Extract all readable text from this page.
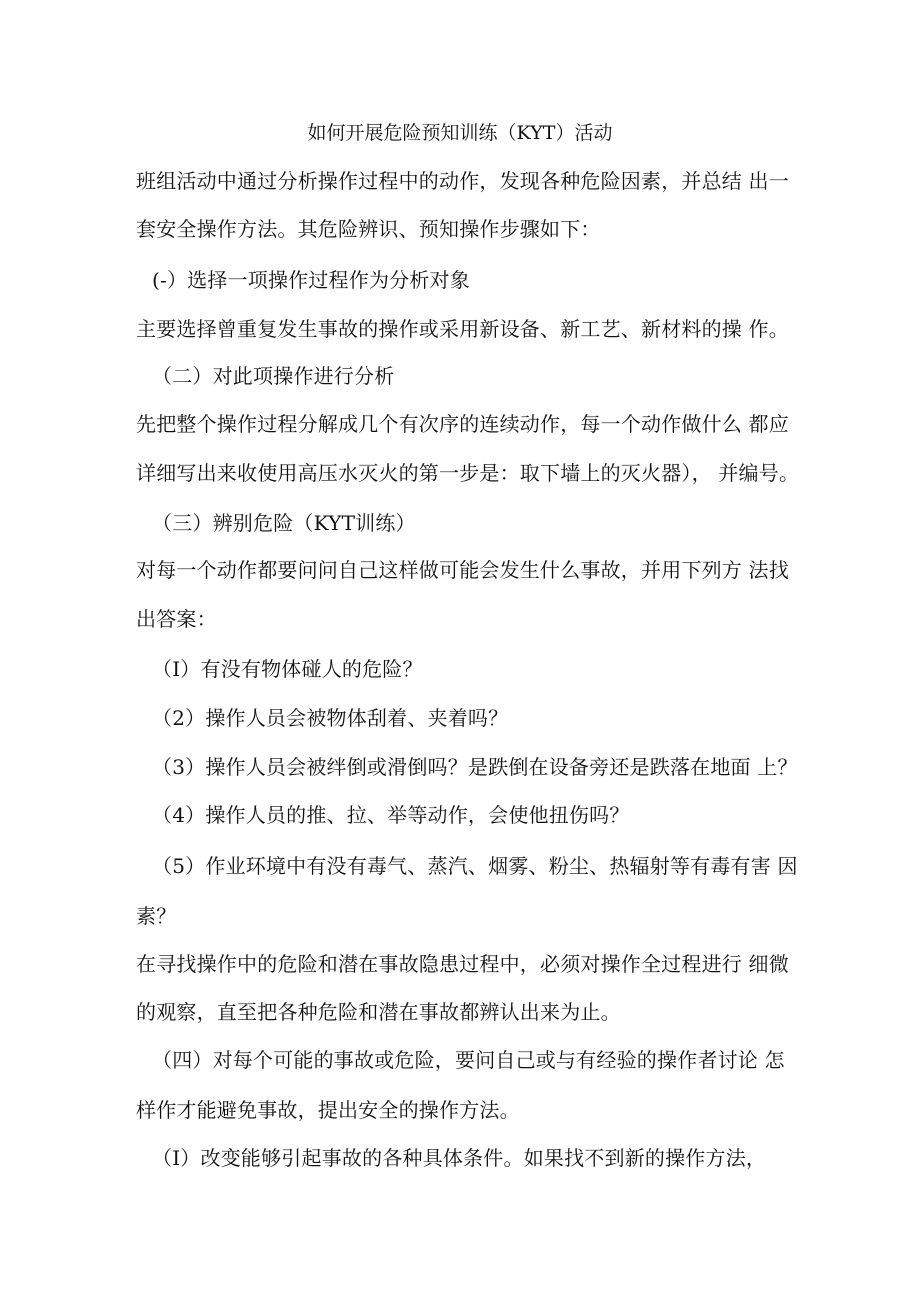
如何开展危险预知训练（KYT）活动
班组活动中通过分析操作过程中的动作，发现各种危险因素，并总结 出一
套安全操作方法。其危险辨识、预知操作步骤如下：
(-）选择一项操作过程作为分析对象
主要选择曾重复发生事故的操作或采用新设备、新工艺、新材料的操 作。
（二）对此项操作进行分析
先把整个操作过程分解成几个有次序的连续动作，每一个动作做什么 都应
详细写出来收使用高压水灭火的第一步是：取下墙上的灭火器）， 并编号。
（三）辨别危险（KYT训练）
对每一个动作都要问问自己这样做可能会发生什么事故，并用下列方 法找
出答案：
（I）有没有物体碰人的危险？
（2）操作人员会被物体刮着、夹着吗？
（3）操作人员会被绊倒或滑倒吗？是跌倒在设备旁还是跌落在地面 上？
（4）操作人员的推、拉、举等动作，会使他扭伤吗？
（5）作业环境中有没有毒气、蒸汽、烟雾、粉尘、热辐射等有毒有害 因
素？
在寻找操作中的危险和潜在事故隐患过程中，必须对操作全过程进行 细微
的观察，直至把各种危险和潜在事故都辨认出来为止。
（四）对每个可能的事故或危险，要问自己或与有经验的操作者讨论 怎
样作才能避免事故，提出安全的操作方法。
（I）改变能够引起事故的各种具体条件。如果找不到新的操作方法，
